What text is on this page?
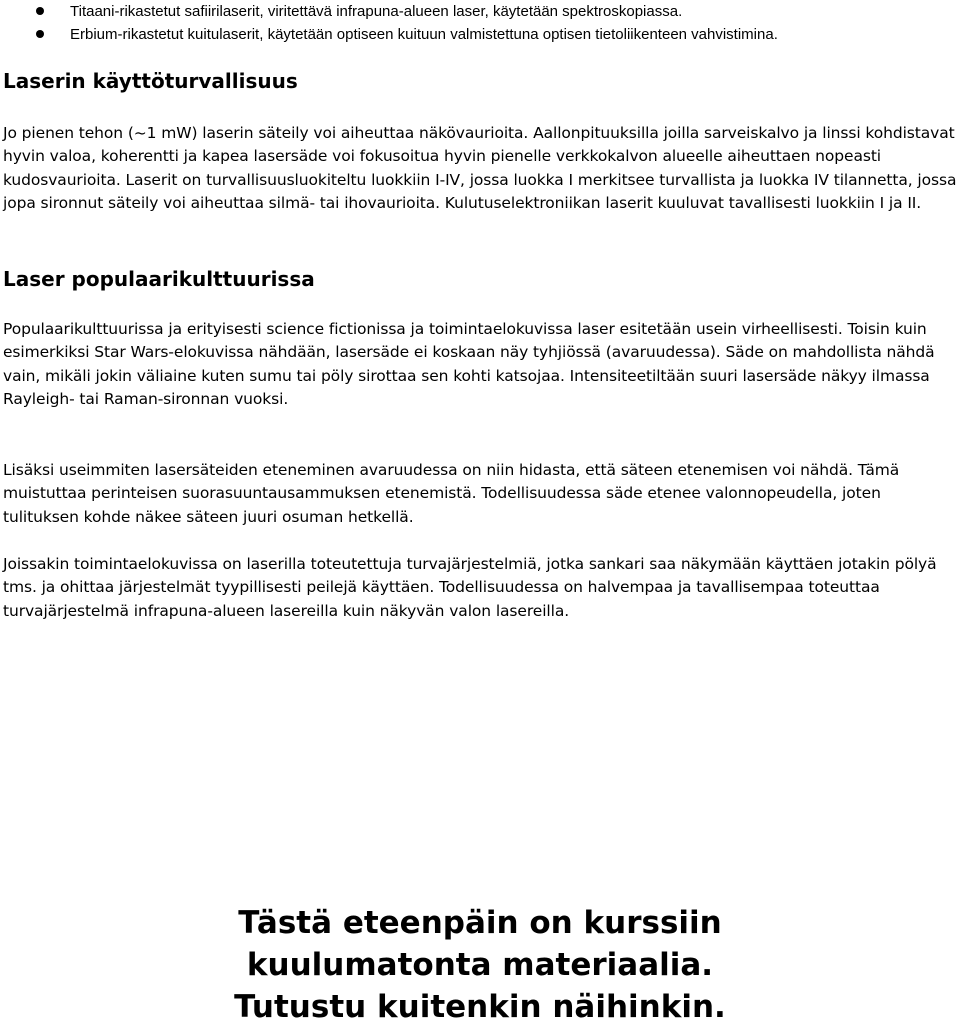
Titaani-rikastetut safiirilaserit, viritettävä infrapuna-alueen laser, käytetään spektroskopiassa.
Erbium-rikastetut kuitulaserit, käytetään optiseen kuituun valmistettuna optisen tietoliikenteen vahvistimina.
Laserin käyttöturvallisuus

Jo pienen tehon (~1 mW) laserin säteily voi aiheuttaa näkövaurioita. Aallonpituuksilla joilla sarveiskalvo ja linssi kohdistavat hyvin valoa, koherentti ja kapea lasersäde voi fokusoitua hyvin pienelle verkkokalvon alueelle aiheuttaen nopeasti kudosvaurioita. Laserit on turvallisuusluokiteltu luokkiin I-IV, jossa luokka I merkitsee turvallista ja luokka IV tilannetta, jossa jopa sironnut säteily voi aiheuttaa silmä- tai ihovaurioita. Kulutuselektroniikan laserit kuuluvat tavallisesti luokkiin I ja II.

Laser populaarikulttuurissa

Populaarikulttuurissa ja erityisesti science fictionissa ja toimintaelokuvissa laser esitetään usein virheellisesti. Toisin kuin esimerkiksi Star Wars-elokuvissa nähdään, lasersäde ei koskaan näy tyhjiössä (avaruudessa). Säde on mahdollista nähdä vain, mikäli jokin väliaine kuten sumu tai pöly sirottaa sen kohti katsojaa. Intensiteetiltään suuri lasersäde näkyy ilmassa Rayleigh- tai Raman-sironnan vuoksi.

Lisäksi useimmiten lasersäteiden eteneminen avaruudessa on niin hidasta, että säteen etenemisen voi nähdä. Tämä muistuttaa perinteisen suorasuuntausammuksen etenemistä. Todellisuudessa säde etenee valonnopeudella, joten tulituksen kohde näkee säteen juuri osuman hetkellä.

Joissakin toimintaelokuvissa on laserilla toteutettuja turvajärjestelmiä, jotka sankari saa näkymään käyttäen jotakin pölyä tms. ja ohittaa järjestelmät tyypillisesti peilejä käyttäen. Todellisuudessa on halvempaa ja tavallisempaa toteuttaa turvajärjestelmä infrapuna-alueen lasereilla kuin näkyvän valon lasereilla.

Tästä eteenpäin on kurssiin
kuulumatonta materiaalia.
Tutustu kuitenkin näihinkin.
